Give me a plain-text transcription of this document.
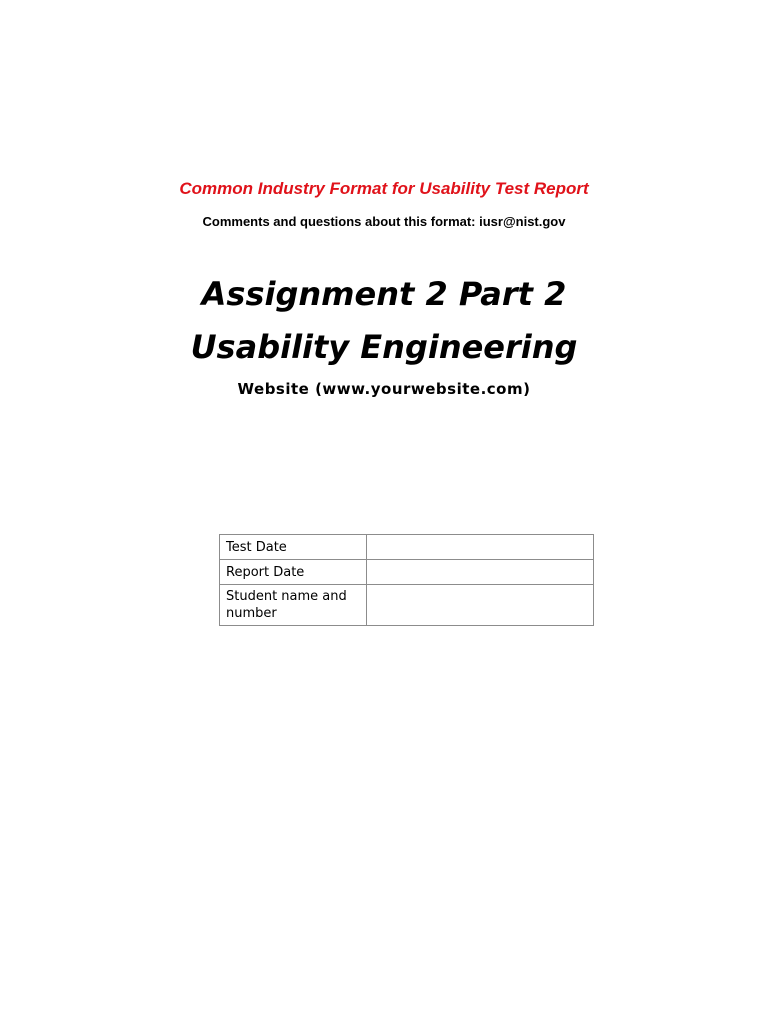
Common Industry Format for Usability Test Report
Comments and questions about this format: iusr@nist.gov
Assignment 2 Part 2
Usability Engineering
Website (www.yourwebsite.com)
Test Date	
Report Date	
Student name and number	
